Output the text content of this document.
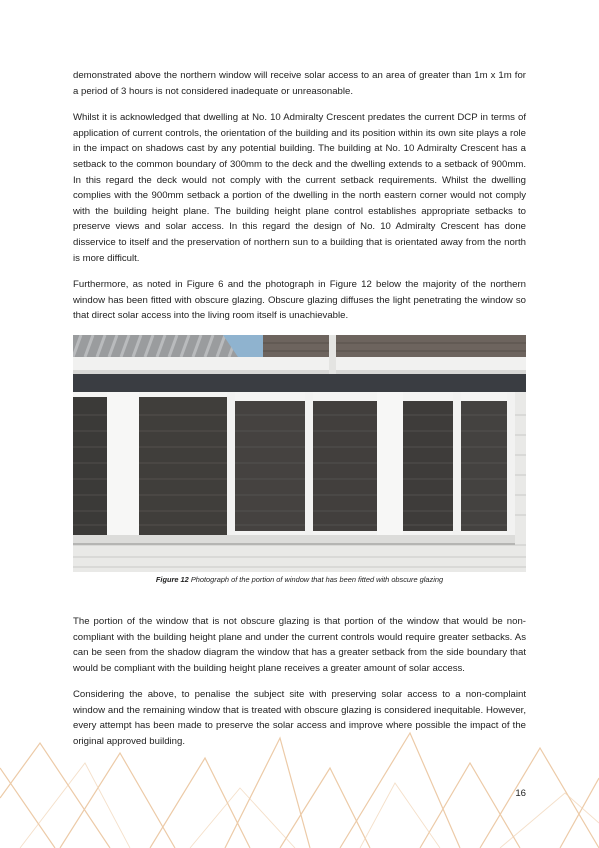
demonstrated above the northern window will receive solar access to an area of greater than 1m x 1m for a period of 3 hours is not considered inadequate or unreasonable.

Whilst it is acknowledged that dwelling at No. 10 Admiralty Crescent predates the current DCP in terms of application of current controls, the orientation of the building and its position within its own site plays a role in the impact on shadows cast by any potential building. The building at No. 10 Admiralty Crescent has a setback to the common boundary of 300mm to the deck and the dwelling extends to a setback of 900mm. In this regard the deck would not comply with the current setback requirements. Whilst the dwelling complies with the 900mm setback a portion of the dwelling in the north eastern corner would not comply with the building height plane. The building height plane control establishes appropriate setbacks to preserve views and solar access. In this regard the design of No. 10 Admiralty Crescent has done disservice to itself and the preservation of northern sun to a building that is orientated away from the north is more difficult.

Furthermore, as noted in Figure 6 and the photograph in Figure 12 below the majority of the northern window has been fitted with obscure glazing. Obscure glazing diffuses the light penetrating the window so that direct solar access into the living room itself is unachievable.

Figure 12 Photograph of the portion of window that has been fitted with obscure glazing

The portion of the window that is not obscure glazing is that portion of the window that would be non-compliant with the building height plane and under the current controls would require greater setbacks. As can be seen from the shadow diagram the window that has a greater setback from the side boundary that would be compliant with the building height plane receives a greater amount of solar access.

Considering the above, to penalise the subject site with preserving solar access to a non-complaint window and the remaining window that is treated with obscure glazing is considered inequitable. However, every attempt has been made to preserve the solar access and improve where possible the impact of the original approved building.

16
